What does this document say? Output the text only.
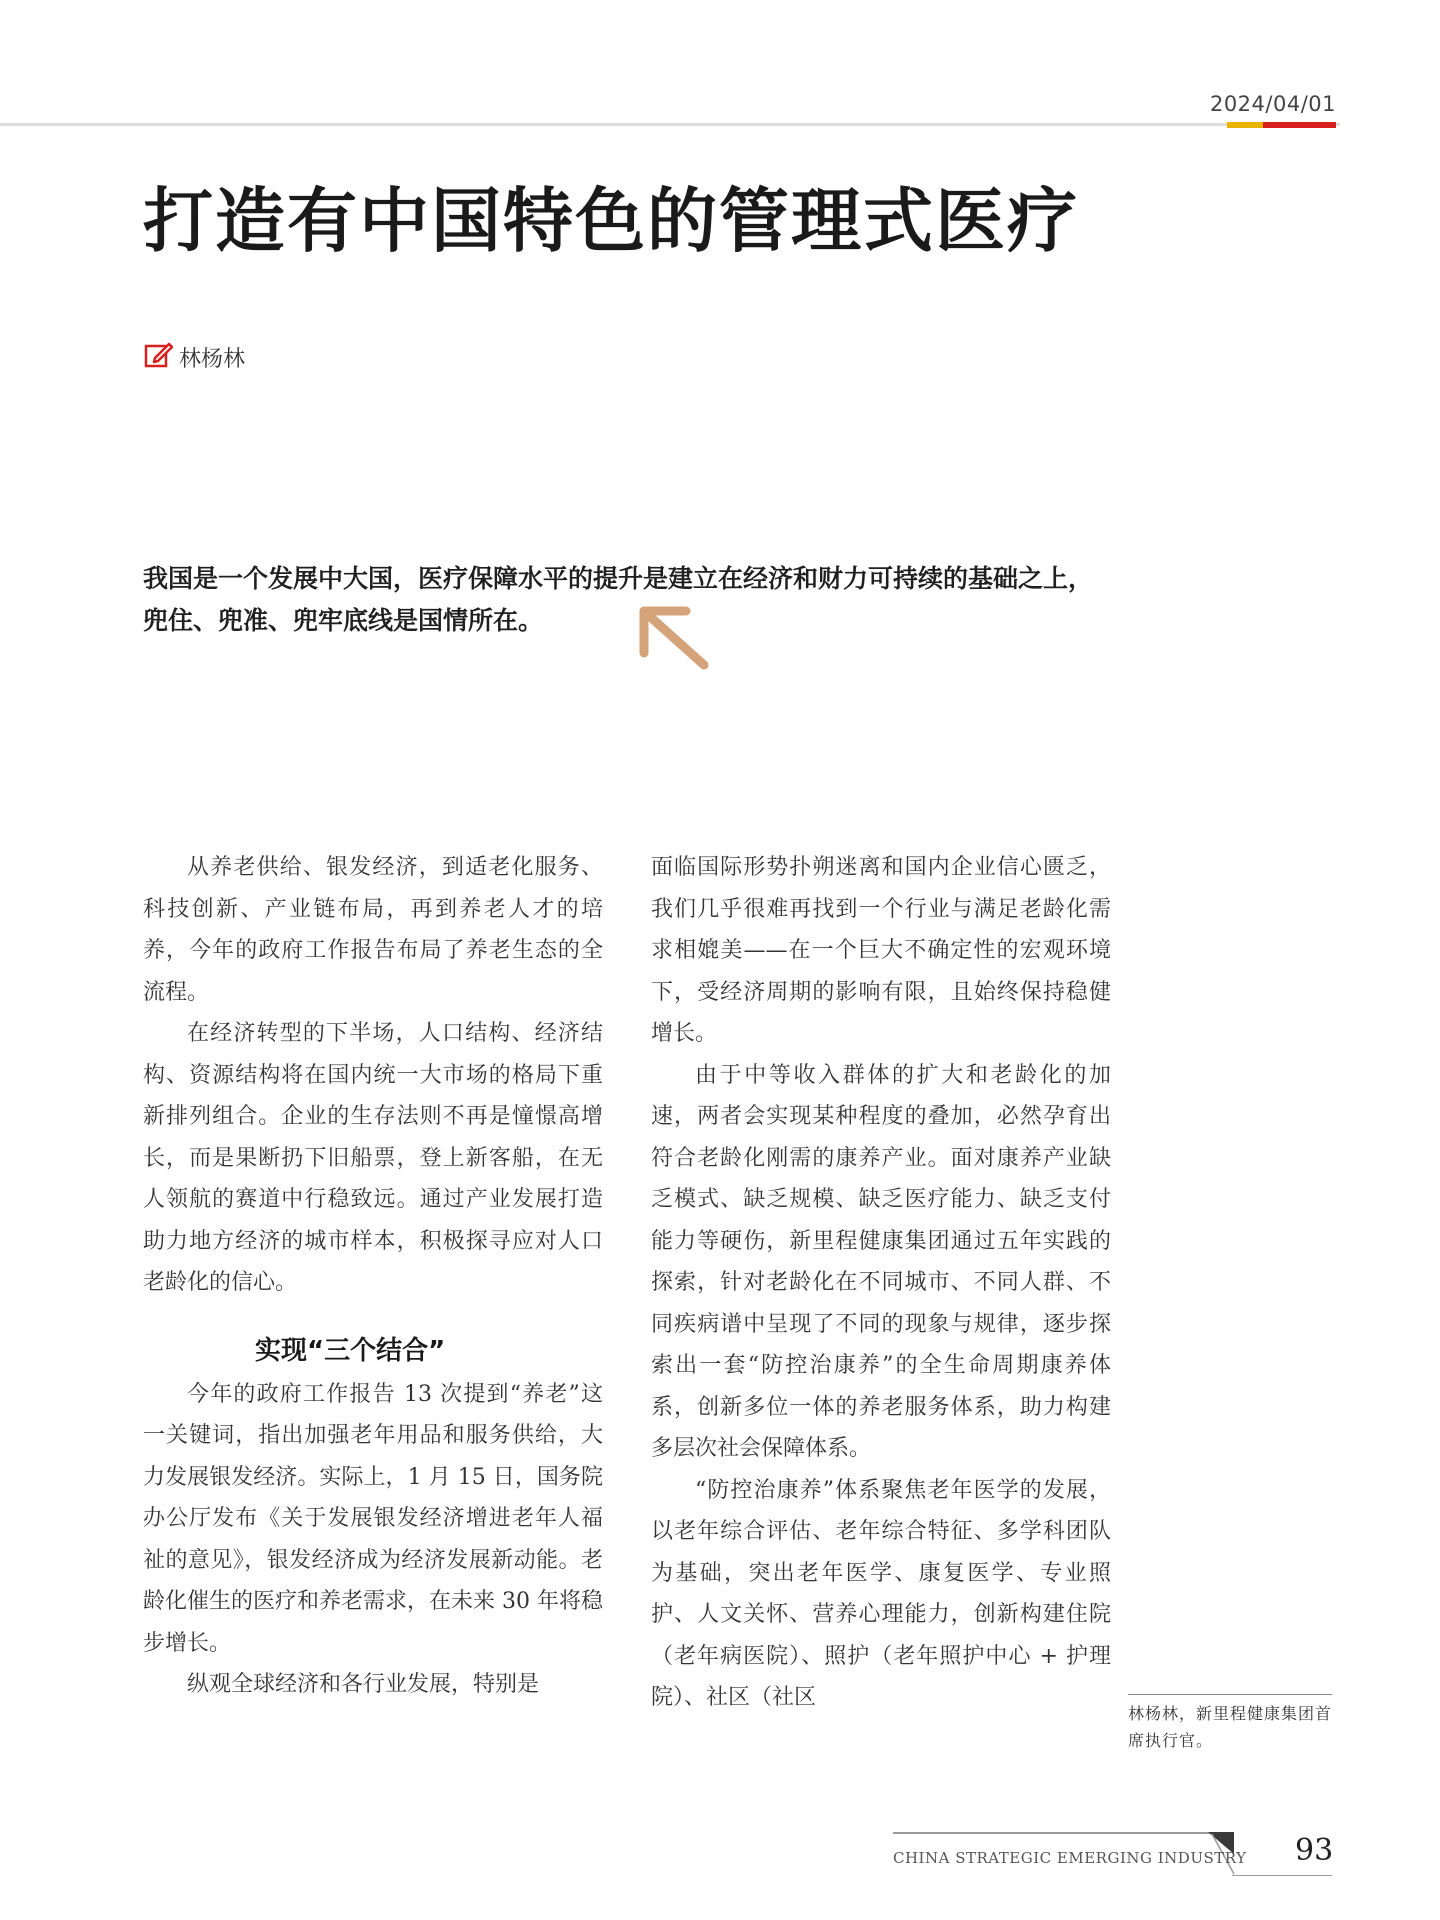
2024/04/01
打造有中国特色的管理式医疗
林杨林

我国是一个发展中大国，医疗保障水平的提升是建立在经济和财力可持续的基础之上，

兜住、兜准、兜牢底线是国情所在。

从养老供给、银发经济，到适老化服务、科技创新、产业链布局，再到养老人才的培养，今年的政府工作报告布局了养老生态的全流程。

在经济转型的下半场，人口结构、经济结构、资源结构将在国内统一大市场的格局下重新排列组合。企业的生存法则不再是憧憬高增长，而是果断扔下旧船票，登上新客船，在无人领航的赛道中行稳致远。通过产业发展打造助力地方经济的城市样本，积极探寻应对人口老龄化的信心。

实现“三个结合”

今年的政府工作报告 13 次提到“养老”这一关键词，指出加强老年用品和服务供给，大力发展银发经济。实际上，1 月 15 日，国务院办公厅发布《关于发展银发经济增进老年人福祉的意见》，银发经济成为经济发展新动能。老龄化催生的医疗和养老需求，在未来 30 年将稳步增长。

纵观全球经济和各行业发展，特别是

面临国际形势扑朔迷离和国内企业信心匮乏，我们几乎很难再找到一个行业与满足老龄化需求相媲美——在一个巨大不确定性的宏观环境下，受经济周期的影响有限，且始终保持稳健增长。

由于中等收入群体的扩大和老龄化的加速，两者会实现某种程度的叠加，必然孕育出符合老龄化刚需的康养产业。面对康养产业缺乏模式、缺乏规模、缺乏医疗能力、缺乏支付能力等硬伤，新里程健康集团通过五年实践的探索，针对老龄化在不同城市、不同人群、不同疾病谱中呈现了不同的现象与规律，逐步探索出一套“防控治康养”的全生命周期康养体系，创新多位一体的养老服务体系，助力构建多层次社会保障体系。

“防控治康养”体系聚焦老年医学的发展，以老年综合评估、老年综合特征、多学科团队为基础，突出老年医学、康复医学、专业照护、人文关怀、营养心理能力，创新构建住院（老年病医院）、照护（老年照护中心 + 护理院）、社区（社区

林杨林，新里程健康集团首席执行官。
CHINA STRATEGIC EMERGING INDUSTRY 93
